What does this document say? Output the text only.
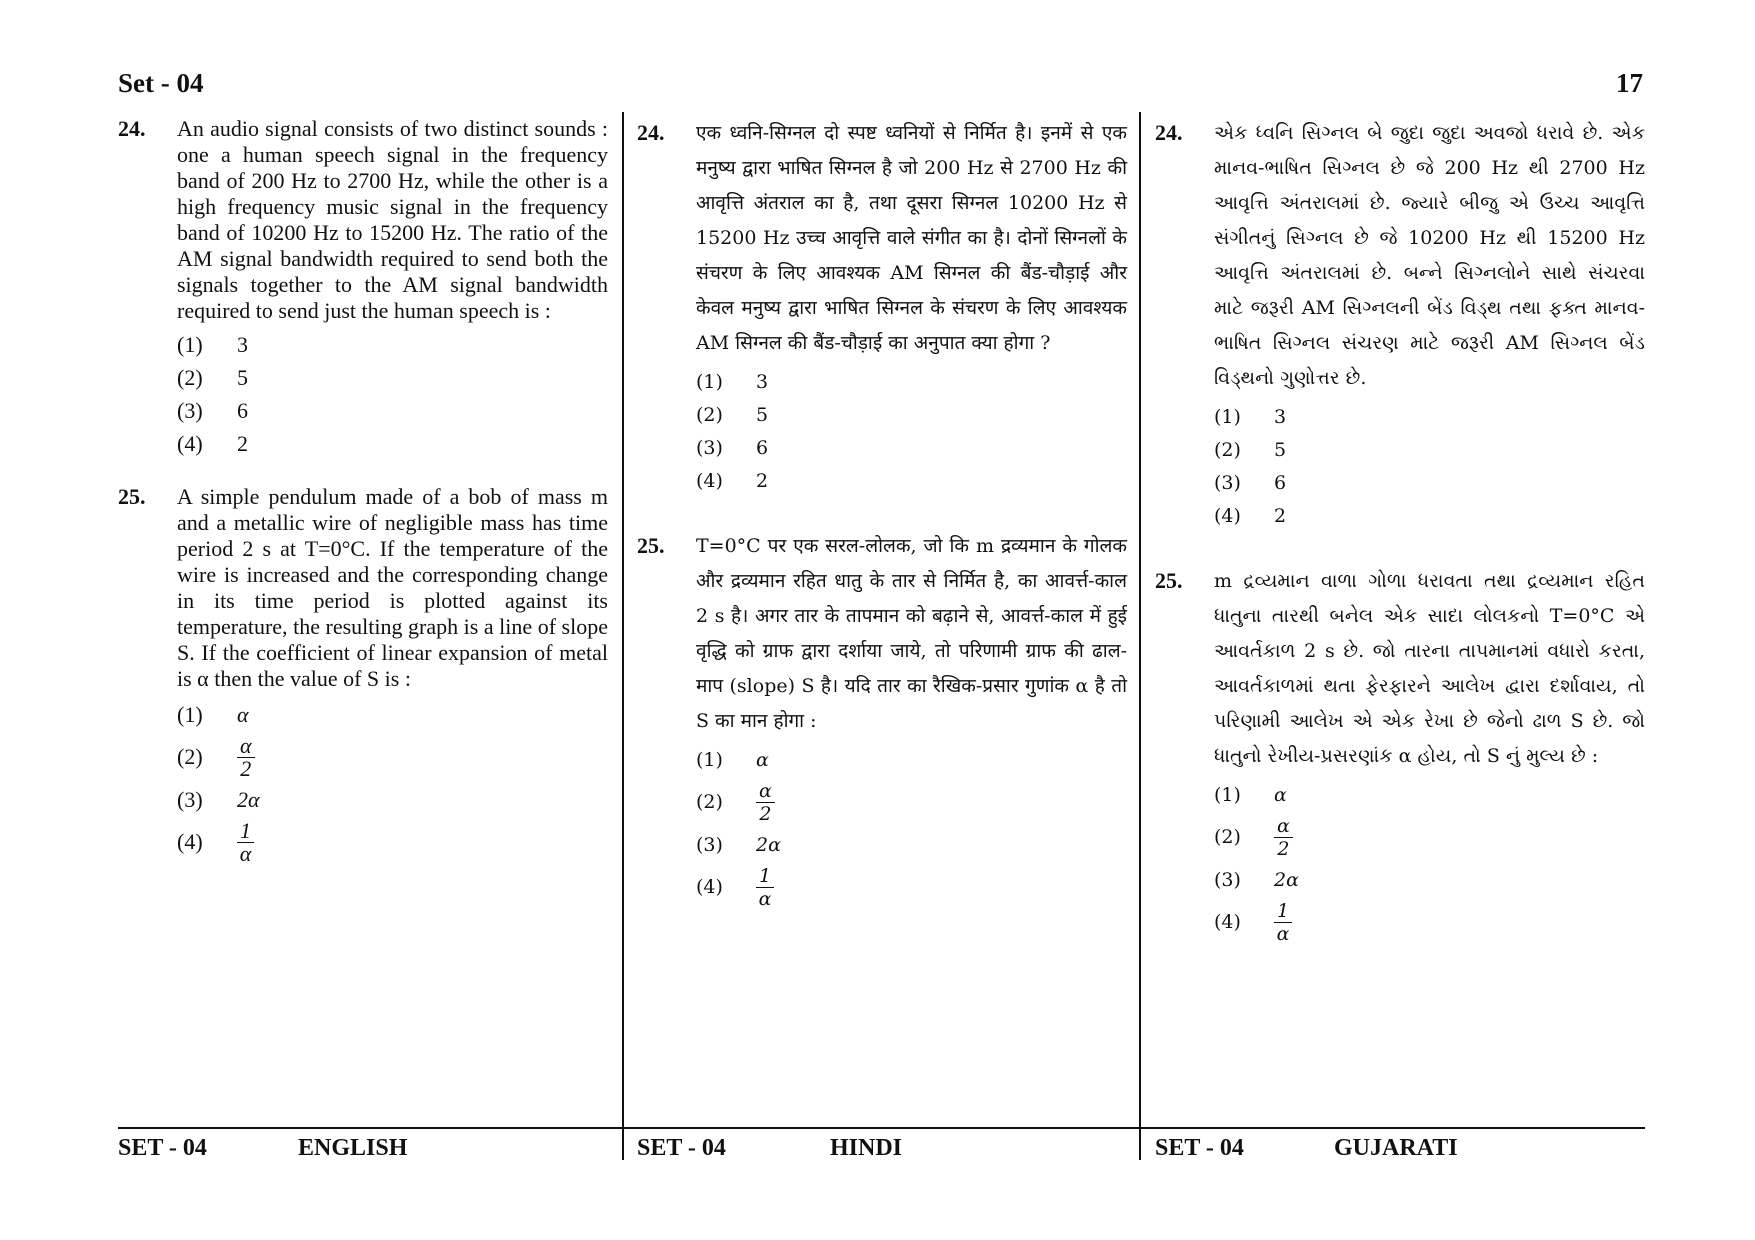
Set - 04	17
24. An audio signal consists of two distinct sounds : one a human speech signal in the frequency band of 200 Hz to 2700 Hz, while the other is a high frequency music signal in the frequency band of 10200 Hz to 15200 Hz. The ratio of the AM signal bandwidth required to send both the signals together to the AM signal bandwidth required to send just the human speech is :
(1)	3
(2)	5
(3)	6
(4)	2
25. A simple pendulum made of a bob of mass m and a metallic wire of negligible mass has time period 2 s at T=0°C. If the temperature of the wire is increased and the corresponding change in its time period is plotted against its temperature, the resulting graph is a line of slope S. If the coefficient of linear expansion of metal is α then the value of S is :
(1)	α
(2)	$\frac{\alpha}{2}$
(3)	2α
(4)	$\frac{1}{\alpha}$
24. एक ध्वनि-सिग्नल दो स्पष्ट ध्वनियों से निर्मित है। इनमें से एक मनुष्य द्वारा भाषित सिग्नल है जो 200 Hz से 2700 Hz की आवृत्ति अंतराल का है, तथा दूसरा सिग्नल 10200 Hz से 15200 Hz उच्च आवृत्ति वाले संगीत का है। दोनों सिग्नलों के संचरण के लिए आवश्यक AM सिग्नल की बैंड-चौड़ाई और केवल मनुष्य द्वारा भाषित सिग्नल के संचरण के लिए आवश्यक AM सिग्नल की बैंड-चौड़ाई का अनुपात क्या होगा ?
(1)	3
(2)	5
(3)	6
(4)	2
25. T=0°C पर एक सरल-लोलक, जो कि m द्रव्यमान के गोलक और द्रव्यमान रहित धातु के तार से निर्मित है, का आवर्त्त-काल 2 s है। अगर तार के तापमान को बढ़ाने से, आवर्त्त-काल में हुई वृद्धि को ग्राफ द्वारा दर्शाया जाये, तो परिणामी ग्राफ की ढाल-माप (slope) S है। यदि तार का रैखिक-प्रसार गुणांक α है तो S का मान होगा :
(1)	α
(2)	$\frac{\alpha}{2}$
(3)	2α
(4)	$\frac{1}{\alpha}$
24. એક ધ્વનિ સિગ્નલ બે જુદા જુદા અવજો ધરાવે છે. એક માનવ-ભાષિત સિગ્નલ છે જે 200 Hz થી 2700 Hz આવૃત્તિ અંતરાલમાં છે. જ્યારે બીજુ એ ઉચ્ચ આવૃત્તિ સંગીતનું સિગ્નલ છે જે 10200 Hz થી 15200 Hz આવૃત્તિ અંતરાલમાં છે. બન્ને સિગ્નલોને સાથે સંચરવા માટે જરૂરી AM સિગ્નલની બેંડ વિડ્થ તથા ફક્ત માનવ-ભાષિત સિગ્નલ સંચરણ માટે જરૂરી AM સિગ્નલ બેંડ વિડ્થનો ગુણોત્તર છે.
(1)	3
(2)	5
(3)	6
(4)	2
25. m દ્રવ્યમાન વાળા ગોળા ધરાવતા તથા દ્રવ્યમાન રહિત ધાતુના તારથી બનેલ એક સાદા લોલકનો T=0°C એ આવર્તકાળ 2 s છે. જો તારના તાપમાનમાં વધારો કરતા, આવર્તકાળમાં થતા ફેરફારને આલેખ દ્વારા દર્શાવાય, તો પરિણામી આલેખ એ એક રેખા છે જેનો ઢાળ S છે. જો ધાતુનો રેખીય-પ્રસરણાંક α હોય, તો S નું મુલ્ય છે :
(1)	α
(2)	$\frac{\alpha}{2}$
(3)	2α
(4)	$\frac{1}{\alpha}$
SET - 04	ENGLISH	SET - 04	HINDI	SET - 04	GUJARATI
